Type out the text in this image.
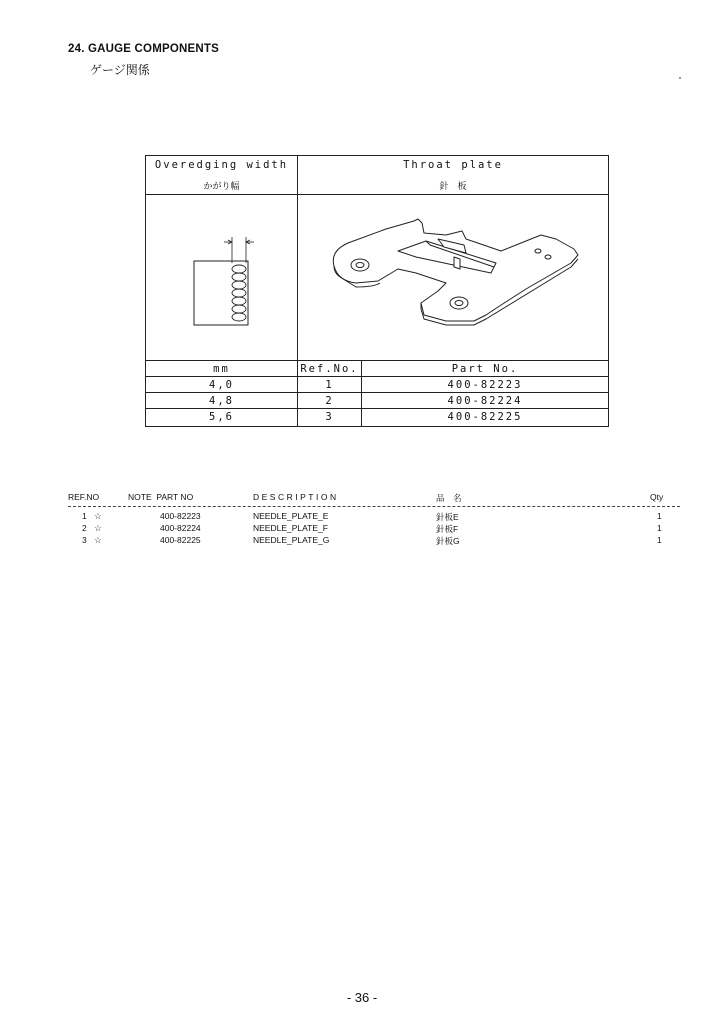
24. GAUGE COMPONENTS
ゲージ関係
Overedging width
かがり幅
Throat plate
針　板
mm	Ref.No.	Part No.
4,0	1	400-82223
4,8	2	400-82224
5,6	3	400-82225
REF.NO	NOTE  PART NO	DESCRIPTION	品　名	Qty
1 ☆	400-82223	NEEDLE_PLATE_E	針板E	1
2 ☆	400-82224	NEEDLE_PLATE_F	針板F	1
3 ☆	400-82225	NEEDLE_PLATE_G	針板G	1
- 36 -
